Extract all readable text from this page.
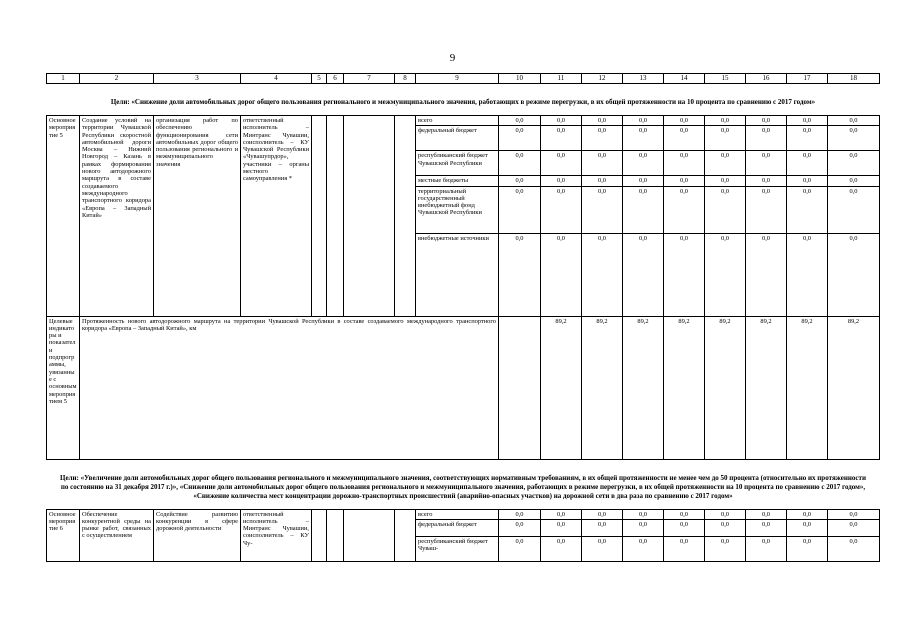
9
1	2	3	4	5	6	7	8	9	10	11	12	13	14	15	16	17	18	
Цели: «Снижение доли автомобильных дорог общего пользования регионального и межмуниципального значения, работающих в режиме перегрузки, в их общей протяженности на 10 процента по сравнению с 2017 годом»																		
Основное мероприятие 5	Создание условий на территории Чувашской Республики скоростной автомобильной дороги Москва – Нижний Новгород – Казань в рамках формирования нового автодорожного маршрута в составе создаваемого международного транспортного коридора «Европа – Западный Китай»	организация работ по обеспечению функционирования сети автомобильных дорог общего пользования регионального и межмуниципального значения	ответственный исполнитель – Минтранс Чувашии, соисполнитель – КУ Чувашской Республики «Чувашупрдор», участники – органы местного самоуправления *					всего	0,0	0,0	0,0	0,0	0,0	0,0	0,0	0,0	0,0	
								федеральный бюджет	0,0	0,0	0,0	0,0	0,0	0,0	0,0	0,0	0,0	
								республиканский бюджет Чувашской Республики	0,0	0,0	0,0	0,0	0,0	0,0	0,0	0,0	0,0	
								местные бюджеты	0,0	0,0	0,0	0,0	0,0	0,0	0,0	0,0	0,0	
								территориальный государственный внебюджетный фонд Чувашской Республики	0,0	0,0	0,0	0,0	0,0	0,0	0,0	0,0	0,0	
								внебюджетные источники	0,0	0,0	0,0	0,0	0,0	0,0	0,0	0,0	0,0	
Целевые индикаторы и показатели подпрограммы, увязанные с основным мероприятием 5	Протяженность нового автодорожного маршрута на территории Чувашской Республики в составе создаваемого международного транспортного коридора «Европа – Западный Китай», км									89,2	89,2	89,2	89,2	89,2	89,2	89,2	89,2	
Цели: «Увеличение доли автомобильных дорог общего пользования регионального и межмуниципального значения, соответствующих нормативным требованиям, в их общей протяженности не менее чем до 50 процента (относительно их протяженности по состоянию на 31 декабря 2017 г.)», «Снижение доли автомобильных дорог общего пользования регионального и межмуниципального значения, работающих в режиме перегрузки, в их общей протяженности на 10 процента по сравнению с 2017 годом», «Снижение количества мест концентрации дорожно-транспортных происшествий (аварийно-опасных участков) на дорожной сети в два раза по сравнению с 2017 годом»																		
Основное мероприятие 6	Обеспечение конкурентной среды на рынке работ, связанных с осуществлением	Содействие развитию конкуренции в сфере дорожной деятельности	ответственный исполнитель – Минтранс Чувашии, соисполнитель – КУ Чу-					всего	0,0	0,0	0,0	0,0	0,0	0,0	0,0	0,0	0,0	
								федеральный бюджет	0,0	0,0	0,0	0,0	0,0	0,0	0,0	0,0	0,0	
								республиканский бюджет Чуваш-	0,0	0,0	0,0	0,0	0,0	0,0	0,0	0,0	0,0	
